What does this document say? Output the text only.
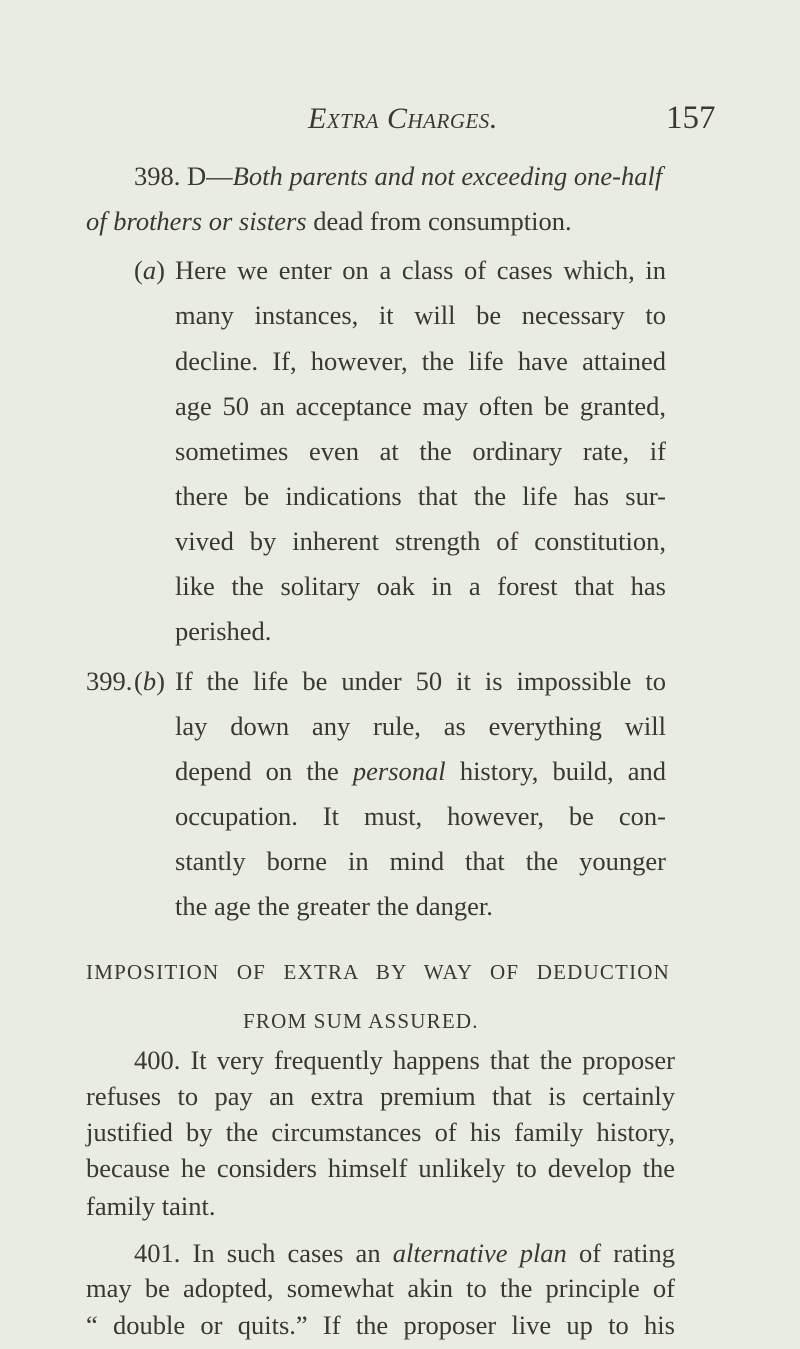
Extra Charges.	157
398. D—Both parents and not exceeding one-half
of brothers or sisters dead from consumption.
(a) Here we enter on a class of cases which, in
many instances, it will be necessary to
decline. If, however, the life have attained
age 50 an acceptance may often be granted,
sometimes even at the ordinary rate, if
there be indications that the life has sur-
vived by inherent strength of constitution,
like the solitary oak in a forest that has
perished.
399. (b) If the life be under 50 it is impossible to
lay down any rule, as everything will
depend on the personal history, build, and
occupation. It must, however, be con-
stantly borne in mind that the younger
the age the greater the danger.
IMPOSITION OF EXTRA BY WAY OF DEDUCTION
FROM SUM ASSURED.
400. It very frequently happens that the proposer
refuses to pay an extra premium that is certainly
justified by the circumstances of his family history,
because he considers himself unlikely to develop the
family taint.
401. In such cases an alternative plan of rating
may be adopted, somewhat akin to the principle of
“ double or quits.” If the proposer live up to his
